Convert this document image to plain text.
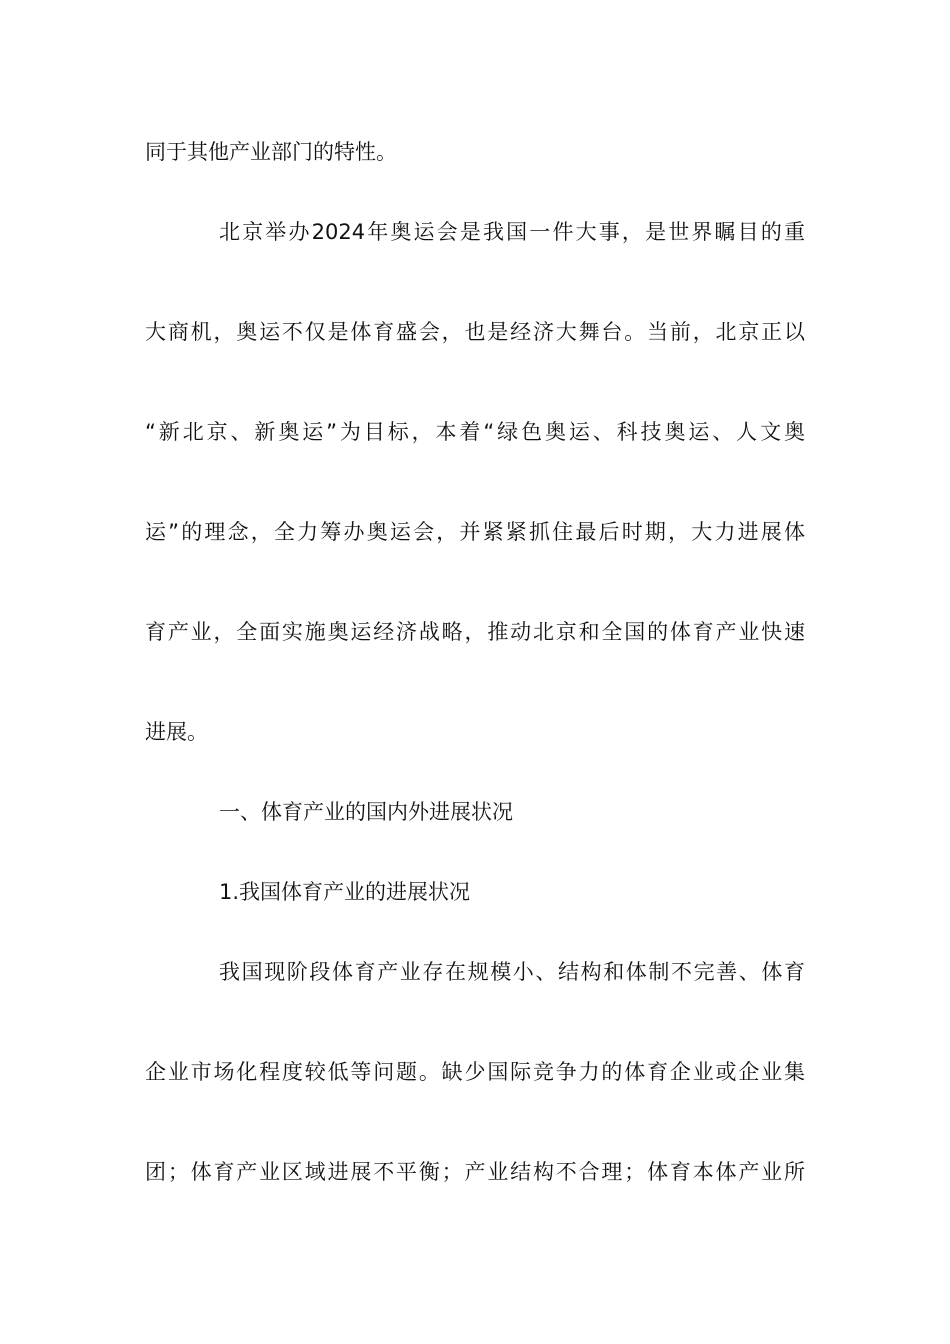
同于其他产业部门的特性。
北京举办2024年奥运会是我国一件大事，是世界瞩目的重
大商机，奥运不仅是体育盛会，也是经济大舞台。当前，北京正以
“新北京、新奥运”为目标，本着“绿色奥运、科技奥运、人文奥
运”的理念，全力筹办奥运会，并紧紧抓住最后时期，大力进展体
育产业，全面实施奥运经济战略，推动北京和全国的体育产业快速
进展。
一、体育产业的国内外进展状况
1.我国体育产业的进展状况
我国现阶段体育产业存在规模小、结构和体制不完善、体育
企业市场化程度较低等问题。缺少国际竞争力的体育企业或企业集
团；体育产业区域进展不平衡；产业结构不合理；体育本体产业所
